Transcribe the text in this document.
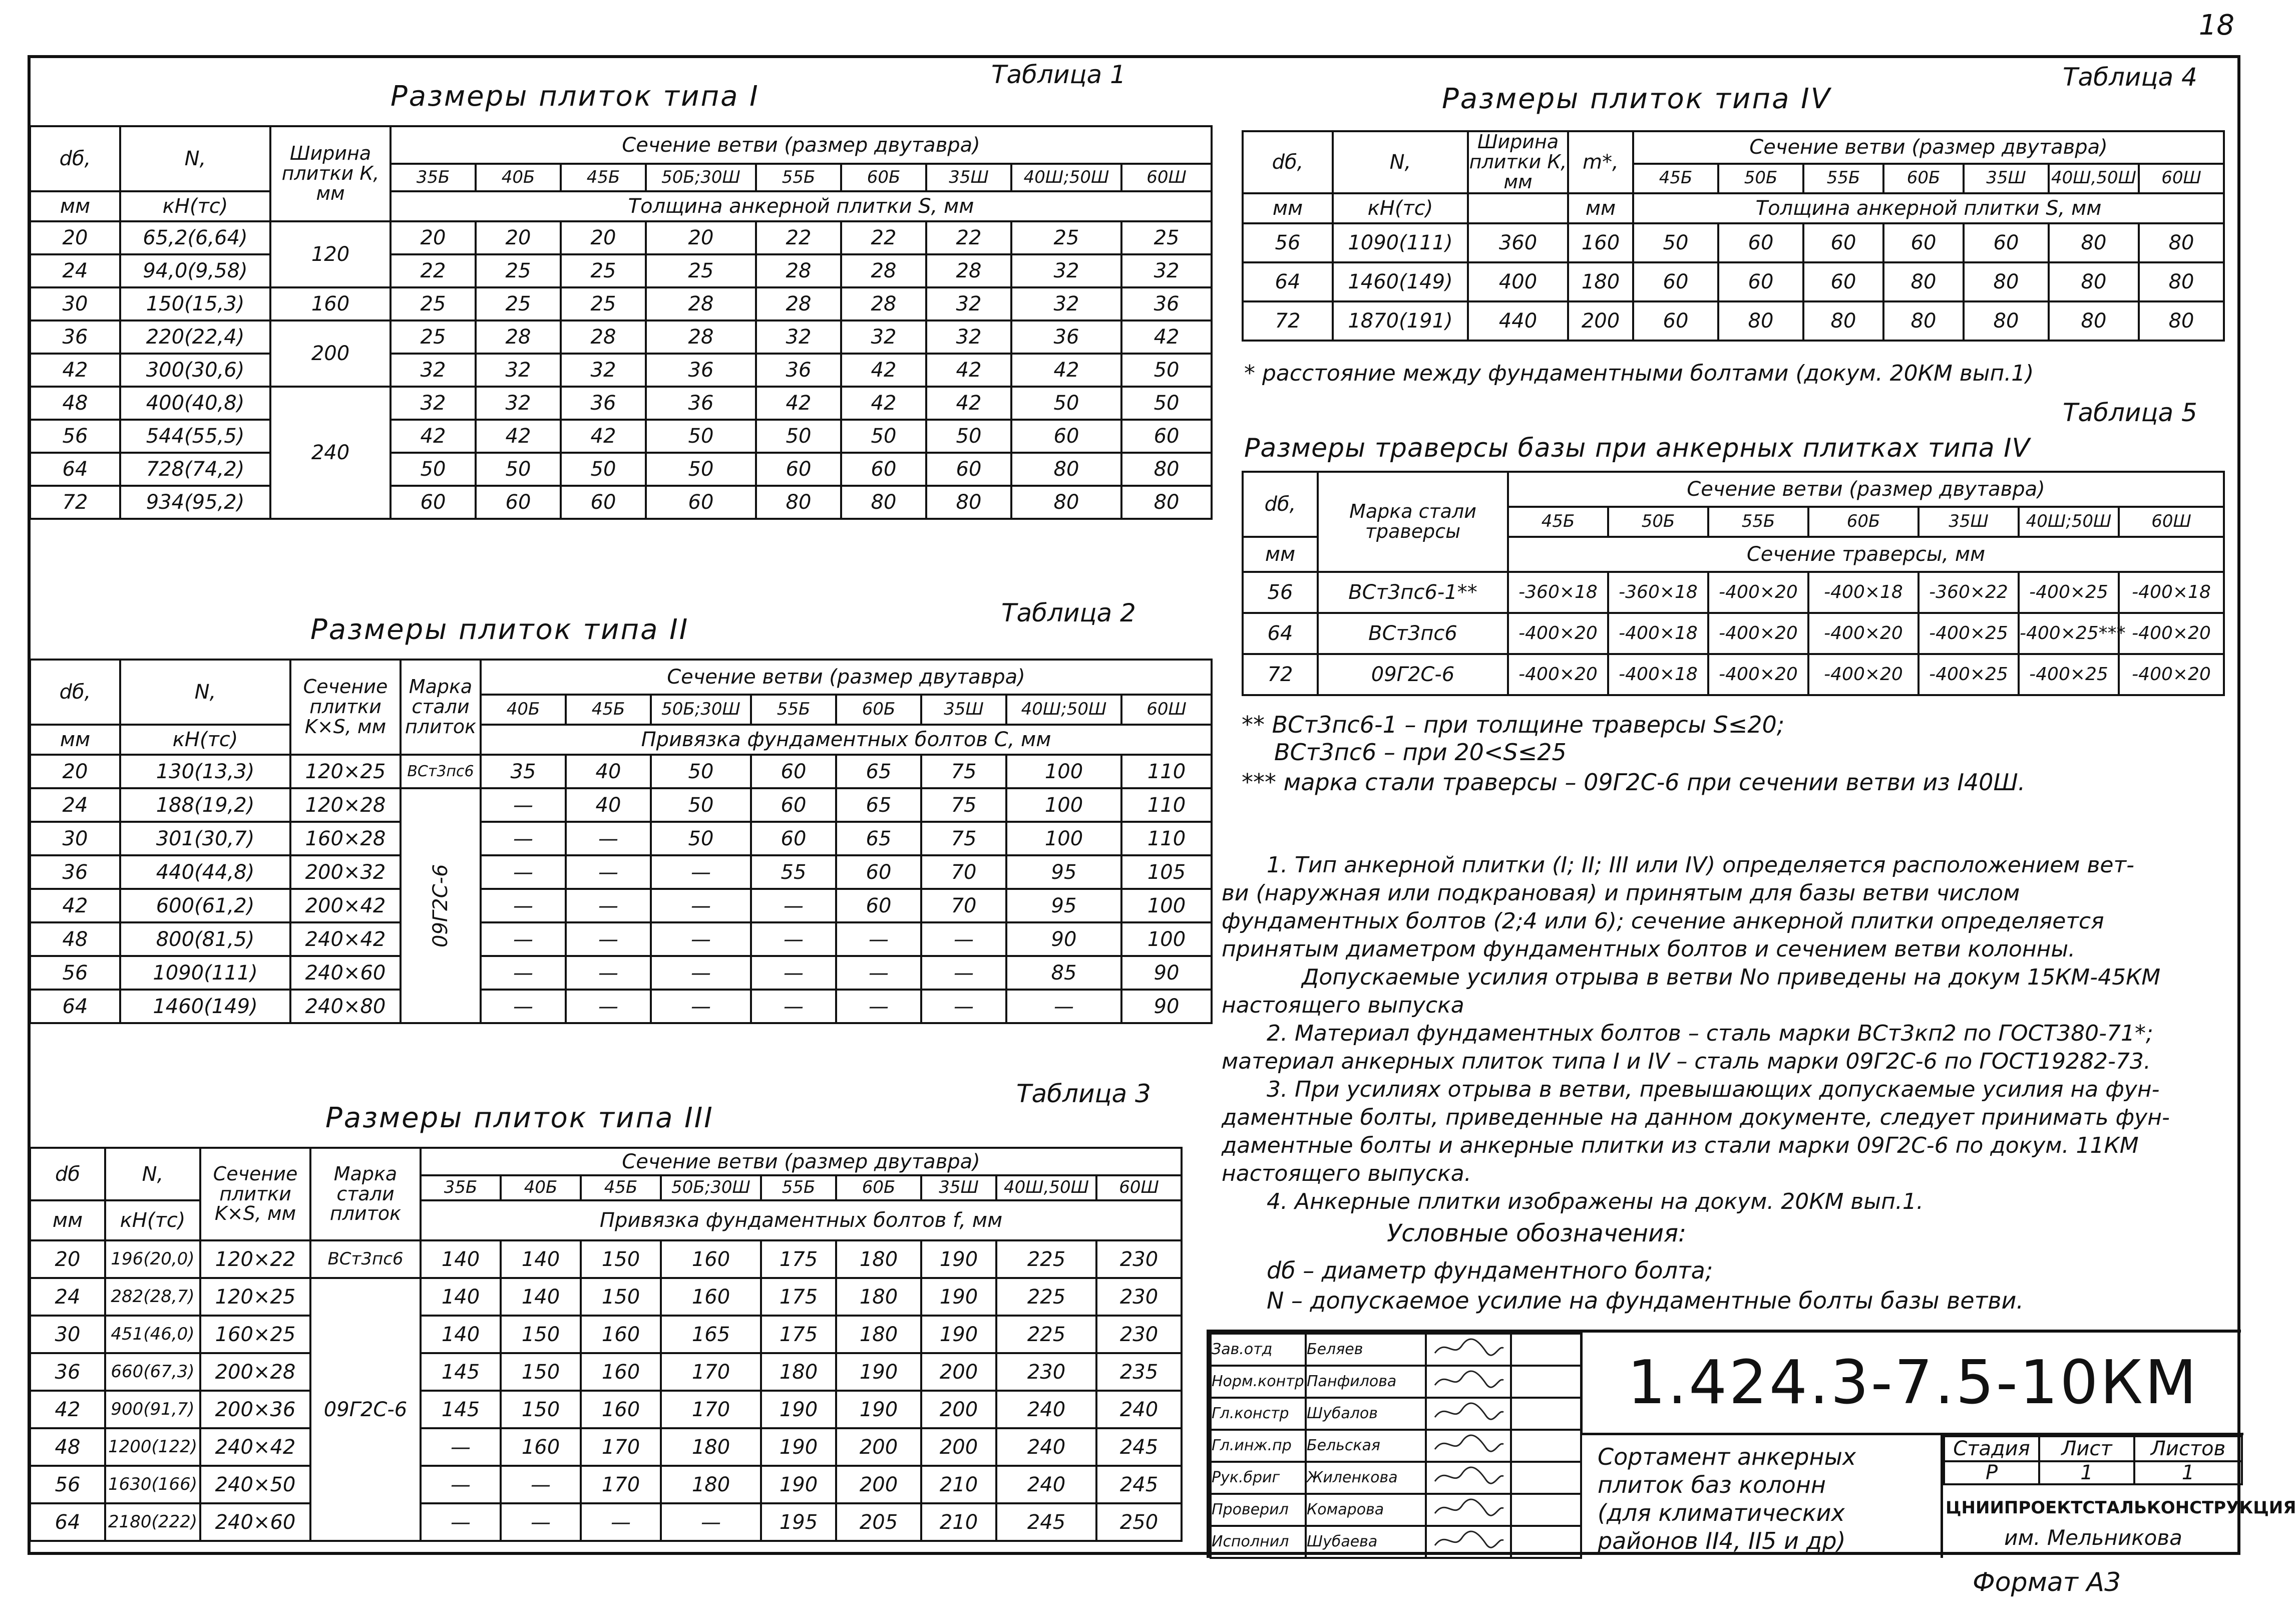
18
Таблица 1
Размеры плиток типа I
dб,	N,	Ширина плитки К, мм	Сечение ветви (размер двутавра)								
			35Б	40Б	45Б	50Б;30Ш	55Б	60Б	35Ш	40Ш;50Ш	60Ш
мм	кН(тс)		Толщина анкерной плитки S, мм								
20	65,2(6,64)	120	20	20	20	20	22	22	22	25	25
24	94,0(9,58)		22	25	25	25	28	28	28	32	32
30	150(15,3)	160	25	25	25	28	28	28	32	32	36
36	220(22,4)	200	25	28	28	28	32	32	32	36	42
42	300(30,6)		32	32	32	36	36	42	42	42	50
48	400(40,8)	240	32	32	36	36	42	42	42	50	50
56	544(55,5)		42	42	42	50	50	50	50	60	60
64	728(74,2)		50	50	50	50	60	60	60	80	80
72	934(95,2)		60	60	60	60	80	80	80	80	80
Таблица 2
Размеры плиток типа II
dб,	N,	Сечение плитки K×S, мм	Марка стали плиток	Сечение ветви (размер двутавра)							
				40Б	45Б	50Б;30Ш	55Б	60Б	35Ш	40Ш;50Ш	60Ш
мм	кН(тс)			Привязка фундаментных болтов С, мм							
20	130(13,3)	120×25	ВСт3пс6	35	40	50	60	65	75	100	110
24	188(19,2)	120×28	09Г2С-6	—	40	50	60	65	75	100	110
30	301(30,7)	160×28		—	—	50	60	65	75	100	110
36	440(44,8)	200×32		—	—	—	55	60	70	95	105
42	600(61,2)	200×42		—	—	—	—	60	70	95	100
48	800(81,5)	240×42		—	—	—	—	—	—	90	100
56	1090(111)	240×60		—	—	—	—	—	—	85	90
64	1460(149)	240×80		—	—	—	—	—	—	—	90
Таблица 3
Размеры плиток типа III
dб	N,	Сечение плитки K×S, мм	Марка стали плиток	Сечение ветви (размер двутавра)								
				35Б	40Б	45Б	50Б;30Ш	55Б	60Б	35Ш	40Ш,50Ш	60Ш
мм	кН(тс)			Привязка фундаментных болтов f, мм								
20	196(20,0)	120×22	ВСт3пс6	140	140	150	160	175	180	190	225	230
24	282(28,7)	120×25	09Г2С-6	140	140	150	160	175	180	190	225	230
30	451(46,0)	160×25		140	150	160	165	175	180	190	225	230
36	660(67,3)	200×28		145	150	160	170	180	190	200	230	235
42	900(91,7)	200×36		145	150	160	170	190	190	200	240	240
48	1200(122)	240×42		—	160	170	180	190	200	200	240	245
56	1630(166)	240×50		—	—	170	180	190	200	210	240	245
64	2180(222)	240×60		—	—	—	—	195	205	210	245	250
Таблица 4
Размеры плиток типа IV
dб,	N,	Ширина плитки К, мм	m*,	Сечение ветви (размер двутавра)						
				45Б	50Б	55Б	60Б	35Ш	40Ш,50Ш	60Ш
мм	кН(тс)		мм	Толщина анкерной плитки S, мм						
56	1090(111)	360	160	50	60	60	60	60	80	80
64	1460(149)	400	180	60	60	60	80	80	80	80
72	1870(191)	440	200	60	80	80	80	80	80	80
* расстояние между фундаментными болтами (докум. 20КМ вып.1)
Таблица 5
Размеры траверсы базы при анкерных плитках типа IV
dб,	Марка стали траверсы	Сечение ветви (размер двутавра)						
		45Б	50Б	55Б	60Б	35Ш	40Ш;50Ш	60Ш
мм		Сечение траверсы, мм						
56	ВСт3пс6-1**	-360×18	-360×18	-400×20	-400×18	-360×22	-400×25	-400×18
64	ВСт3пс6	-400×20	-400×18	-400×20	-400×20	-400×25	-400×25***	-400×20
72	09Г2С-6	-400×20	-400×18	-400×20	-400×20	-400×25	-400×25	-400×20
** ВСт3пс6-1 – при толщине траверсы S≤20;
ВСт3пс6 – при 20<S≤25
*** марка стали траверсы – 09Г2С-6 при сечении ветви из I40Ш.
1. Тип анкерной плитки (I; II; III или IV) определяется расположением вет-
ви (наружная или подкрановая) и принятым для базы ветви числом
фундаментных болтов (2;4 или 6); сечение анкерной плитки определяется
принятым диаметром фундаментных болтов и сечением ветви колонны.
Допускаемые усилия отрыва в ветви No приведены на докум 15КМ-45КМ
настоящего выпуска
2. Материал фундаментных болтов – сталь марки ВСт3кп2 по ГОСТ380-71*;
материал анкерных плиток типа I и IV – сталь марки 09Г2С-6 по ГОСТ19282-73.
3. При усилиях отрыва в ветви, превышающих допускаемые усилия на фун-
даментные болты, приведенные на данном документе, следует принимать фун-
даментные болты и анкерные плитки из стали марки 09Г2С-6 по докум. 11КМ
настоящего выпуска.
4. Анкерные плитки изображены на докум. 20КМ вып.1.
Условные обозначения:
dб – диаметр фундаментного болта;
N – допускаемое усилие на фундаментные болты базы ветви.
Зав.отд	Беляев		
Норм.контр	Панфилова		
Гл.констр	Шубалов		
Гл.инж.пр	Бельская		
Рук.бриг	Жиленкова		
Проверил	Комарова		
Исполнил	Шубаева		
1.424.3-7.5-10КМ
Сортамент анкерных
плиток баз колонн
(для климатических
районов II4, II5 и др)
Стадия	Лист	Листов
Р	1	1
ЦНИИПРОЕКТСТАЛЬКОНСТРУКЦИЯ
им. Мельникова
Формат А3
